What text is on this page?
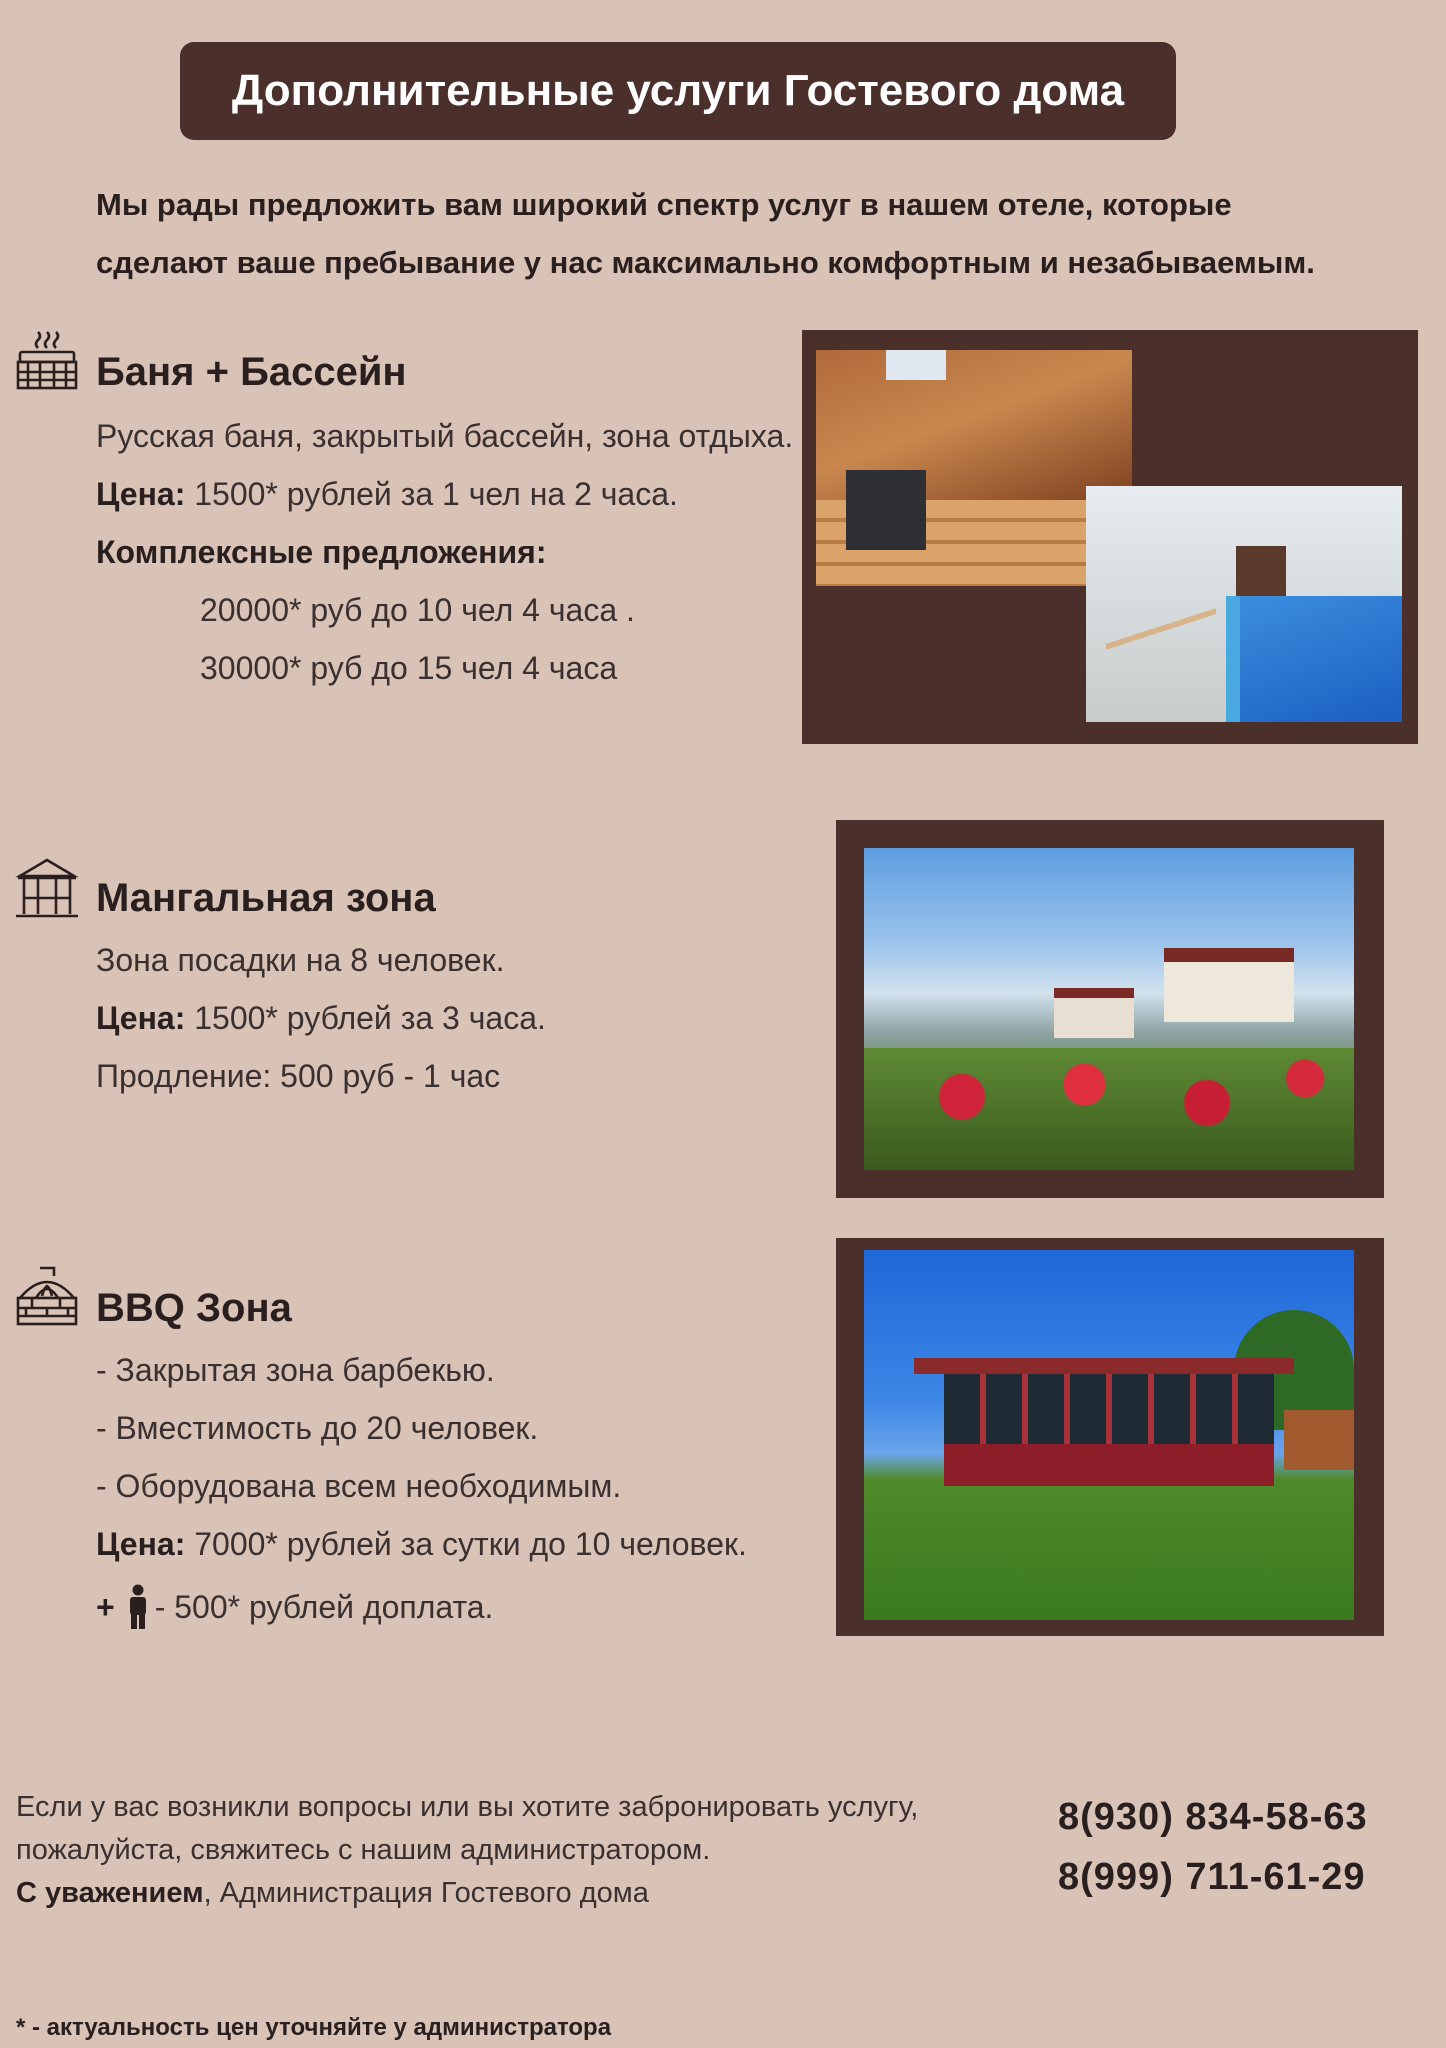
Дополнительные услуги Гостевого дома
Мы рады предложить вам широкий спектр услуг в нашем отеле, которые
сделают ваше пребывание у нас максимально комфортным и незабываемым.
Баня + Бассейн
Русская баня, закрытый бассейн, зона отдыха.
Цена: 1500* рублей за 1 чел на 2 часа.
Комплексные предложения:
20000* руб до 10 чел 4 часа .
30000* руб до 15 чел 4 часа
Мангальная зона
Зона посадки на 8 человек.
Цена: 1500* рублей за 3 часа.
Продление: 500 руб - 1 час
BBQ Зона
- Закрытая зона барбекью.
- Вместимость до 20 человек.
- Оборудована всем необходимым.
Цена: 7000* рублей за сутки до 10 человек.
+ - 500* рублей доплата.
Если у вас возникли вопросы или вы хотите забронировать услугу,
пожалуйста, свяжитесь с нашим администратором.
С уважением, Администрация Гостевого дома
8(930) 834-58-63
8(999) 711-61-29
* - актуальность цен уточняйте у администратора
